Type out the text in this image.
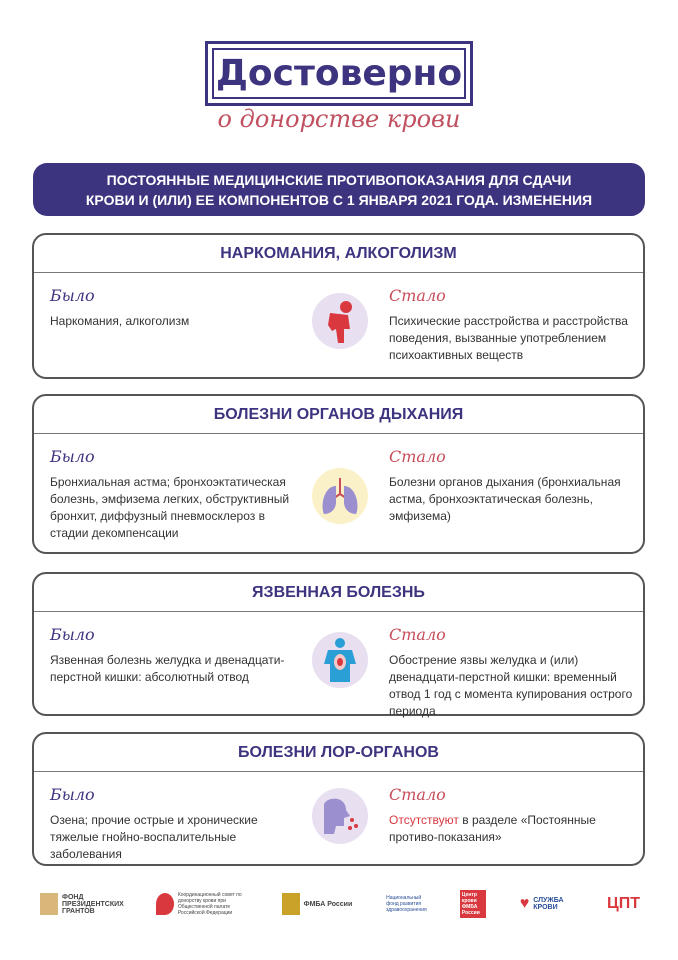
Достоверно
о донорстве крови
ПОСТОЯННЫЕ МЕДИЦИНСКИЕ ПРОТИВОПОКАЗАНИЯ ДЛЯ СДАЧИ
КРОВИ И (ИЛИ) ЕЕ КОМПОНЕНТОВ С 1 ЯНВАРЯ 2021 ГОДА. ИЗМЕНЕНИЯ
НАРКОМАНИЯ, АЛКОГОЛИЗМ
Было
Наркомания, алкоголизм
Стало
Психические расстройства и расстройства поведения, вызванные употреблением психоактивных веществ
БОЛЕЗНИ ОРГАНОВ ДЫХАНИЯ
Было
Бронхиальная астма; бронхоэктатическая болезнь, эмфизема легких, обструктивный бронхит, диффузный пневмосклероз в стадии декомпенсации
Стало
Болезни органов дыхания (бронхиальная астма, бронхоэктатическая болезнь, эмфизема)
ЯЗВЕННАЯ БОЛЕЗНЬ
Было
Язвенная болезнь желудка и двенадцати-перстной кишки: абсолютный отвод
Стало
Обострение язвы желудка и (или) двенадцати-перстной кишки: временный отвод 1 год с момента купирования острого периода
БОЛЕЗНИ ЛОР-ОРГАНОВ
Было
Озена; прочие острые и хронические тяжелые гнойно-воспалительные заболевания
Стало
Отсутствуют в разделе «Постоянные противо-показания»
ФОНД ПРЕЗИДЕНТСКИХ ГРАНТОВ
Координационный совет по донорству крови при Общественной палате Российской Федерации
ФМБА России
Национальный фонд развития здравоохранения
Центр крови ФМБА России
♥ СЛУЖБА КРОВИ	ЦПТ
